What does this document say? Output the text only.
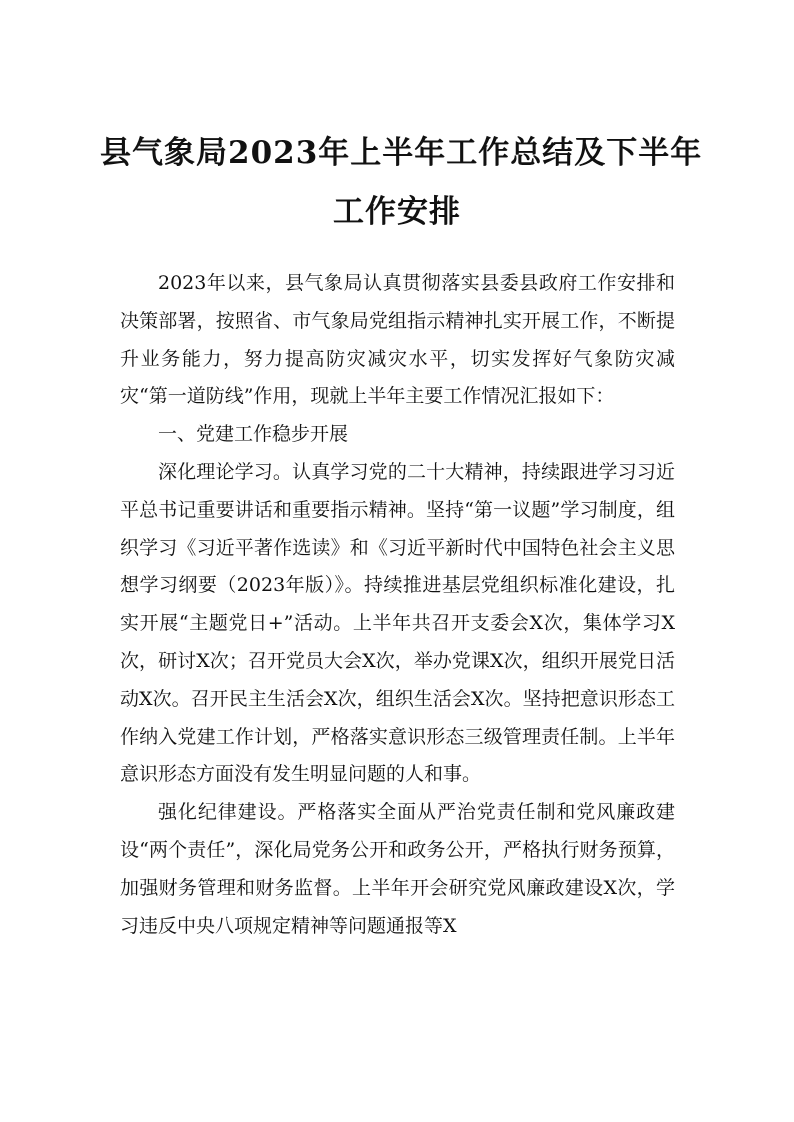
县气象局2023年上半年工作总结及下半年
工作安排

2023年以来，县气象局认真贯彻落实县委县政府工作安排和决策部署，按照省、市气象局党组指示精神扎实开展工作，不断提升业务能力，努力提高防灾减灾水平，切实发挥好气象防灾减灾“第一道防线”作用，现就上半年主要工作情况汇报如下：

一、党建工作稳步开展

深化理论学习。认真学习党的二十大精神，持续跟进学习习近平总书记重要讲话和重要指示精神。坚持“第一议题”学习制度，组织学习《习近平著作选读》和《习近平新时代中国特色社会主义思想学习纲要（2023年版）》。持续推进基层党组织标准化建设，扎实开展“主题党日+”活动。上半年共召开支委会X次，集体学习X次，研讨X次；召开党员大会X次，举办党课X次，组织开展党日活动X次。召开民主生活会X次，组织生活会X次。坚持把意识形态工作纳入党建工作计划，严格落实意识形态三级管理责任制。上半年意识形态方面没有发生明显问题的人和事。

强化纪律建设。严格落实全面从严治党责任制和党风廉政建设“两个责任”，深化局党务公开和政务公开，严格执行财务预算，加强财务管理和财务监督。上半年开会研究党风廉政建设X次，学习违反中央八项规定精神等问题通报等X
